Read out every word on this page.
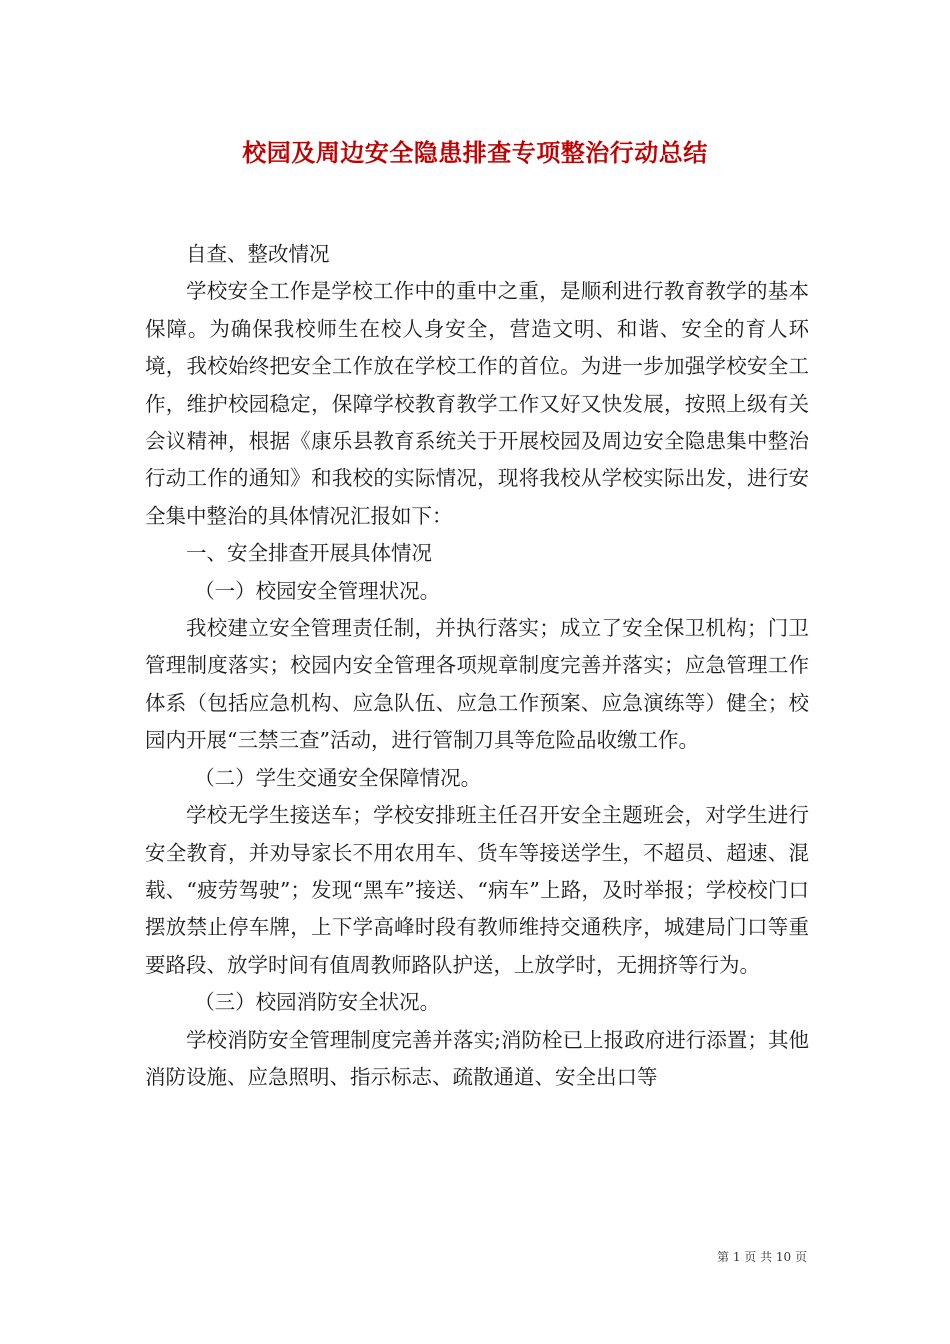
校园及周边安全隐患排查专项整治行动总结

自查、整改情况

学校安全工作是学校工作中的重中之重，是顺利进行教育教学的基本保障。为确保我校师生在校人身安全，营造文明、和谐、安全的育人环境，我校始终把安全工作放在学校工作的首位。为进一步加强学校安全工作，维护校园稳定，保障学校教育教学工作又好又快发展，按照上级有关会议精神，根据《康乐县教育系统关于开展校园及周边安全隐患集中整治行动工作的通知》和我校的实际情况，现将我校从学校实际出发，进行安全集中整治的具体情况汇报如下：

一、安全排查开展具体情况

（一）校园安全管理状况。

我校建立安全管理责任制，并执行落实；成立了安全保卫机构；门卫管理制度落实；校园内安全管理各项规章制度完善并落实；应急管理工作体系（包括应急机构、应急队伍、应急工作预案、应急演练等）健全；校园内开展“三禁三查”活动，进行管制刀具等危险品收缴工作。

（二）学生交通安全保障情况。

学校无学生接送车；学校安排班主任召开安全主题班会，对学生进行安全教育，并劝导家长不用农用车、货车等接送学生，不超员、超速、混载、“疲劳驾驶”；发现“黑车”接送、“病车”上路，及时举报；学校校门口摆放禁止停车牌，上下学高峰时段有教师维持交通秩序，城建局门口等重要路段、放学时间有值周教师路队护送，上放学时，无拥挤等行为。

（三）校园消防安全状况。

学校消防安全管理制度完善并落实;消防栓已上报政府进行添置；其他消防设施、应急照明、指示标志、疏散通道、安全出口等

第 1 页 共 10 页
